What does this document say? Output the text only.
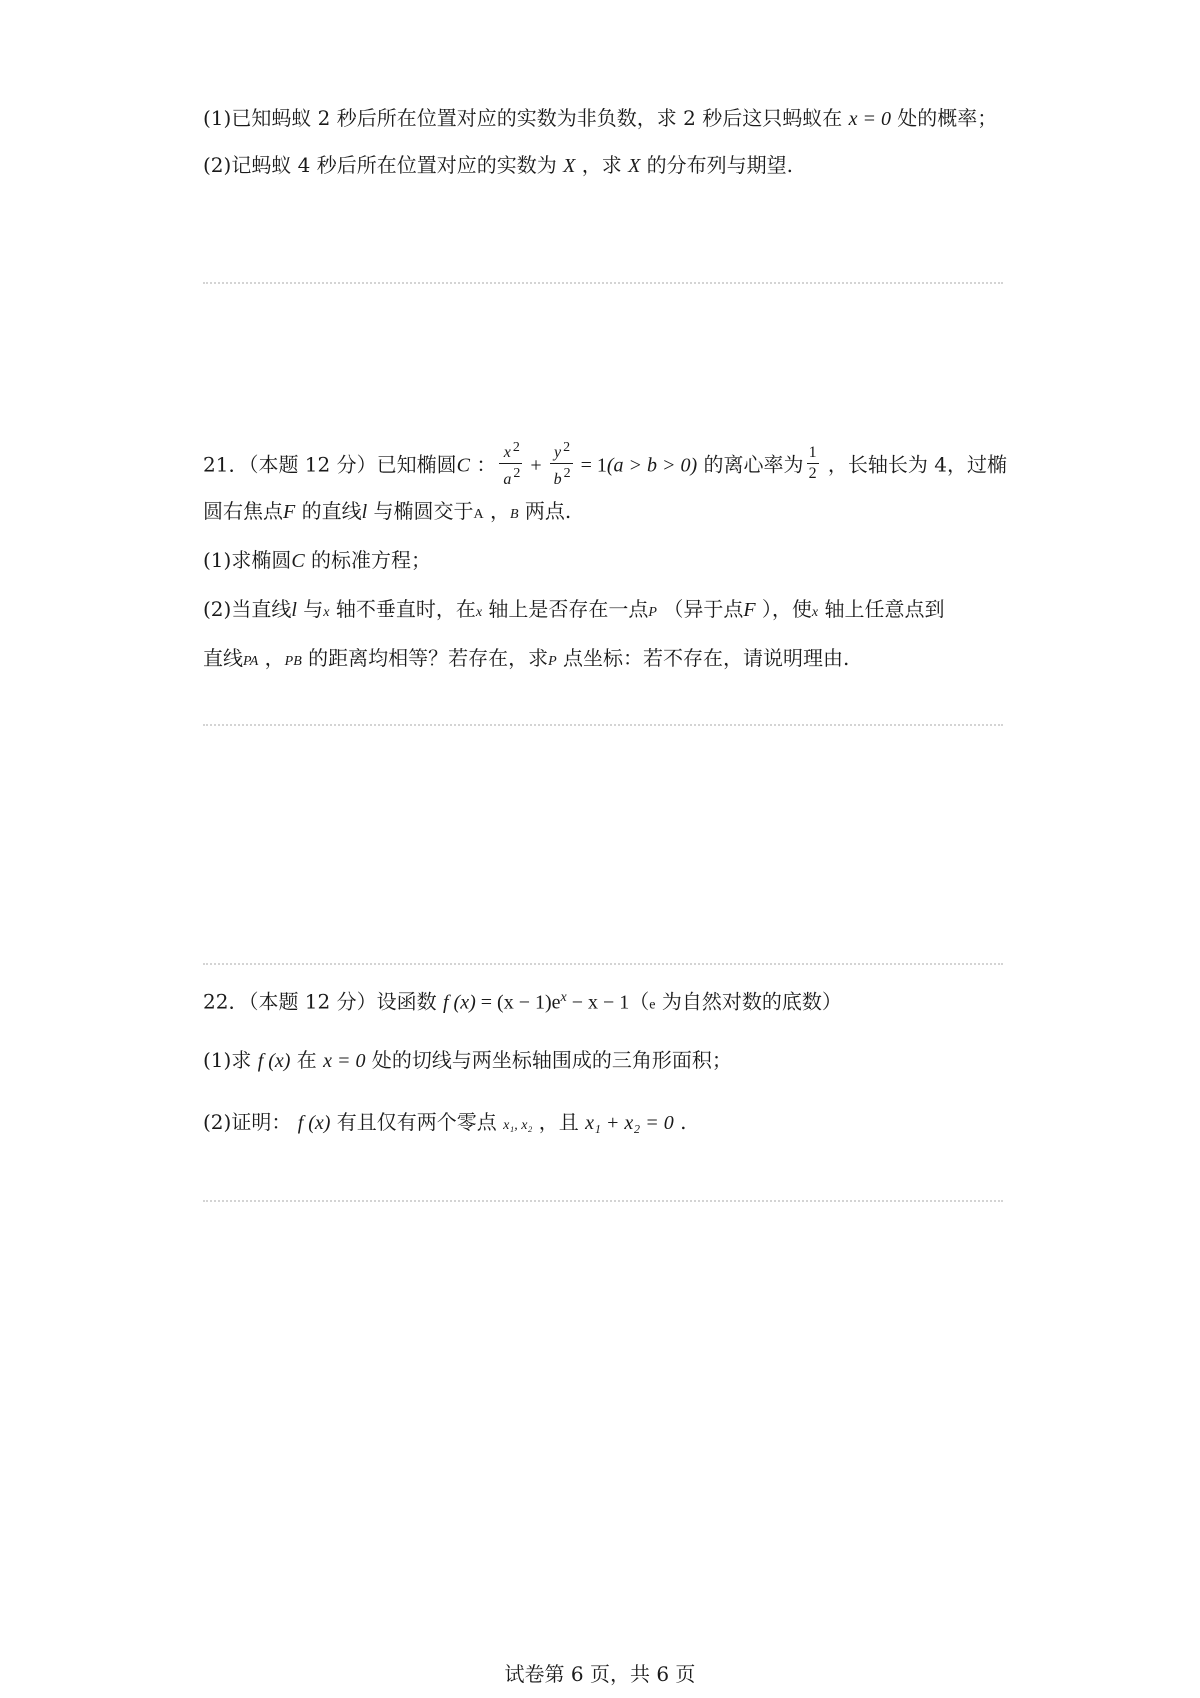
(1)已知蚂蚁 2 秒后所在位置对应的实数为非负数，求 2 秒后这只蚂蚁在 x = 0 处的概率；
(2)记蚂蚁 4 秒后所在位置对应的实数为 X ，求 X 的分布列与期望.
21．（本题 12 分）已知椭圆C ： $\frac{x ^2}{a ^2} + \frac{y ^2}{b ^2} = 1(a > b > 0)$ 的离心率为 $\frac{1}{2}$ ，长轴长为 4，过椭
圆右焦点F 的直线l 与椭圆交于A ，B 两点.
(1)求椭圆C 的标准方程；
(2)当直线l 与x 轴不垂直时，在x 轴上是否存在一点P （异于点F ），使x 轴上任意点到
直线PA ，PB 的距离均相等？若存在，求P 点坐标：若不存在，请说明理由.
22．（本题 12 分）设函数 f $(x) = (x - 1)e^x - x - 1(e$ 为自然对数的底数）
(1)求 f (x) 在 x = 0 处的切线与两坐标轴围成的三角形面积；
(2)证明： f (x) 有且仅有两个零点 x₁, x₂ ，且 x₁ + x₂ = 0 .
试卷第 6 页，共 6 页
